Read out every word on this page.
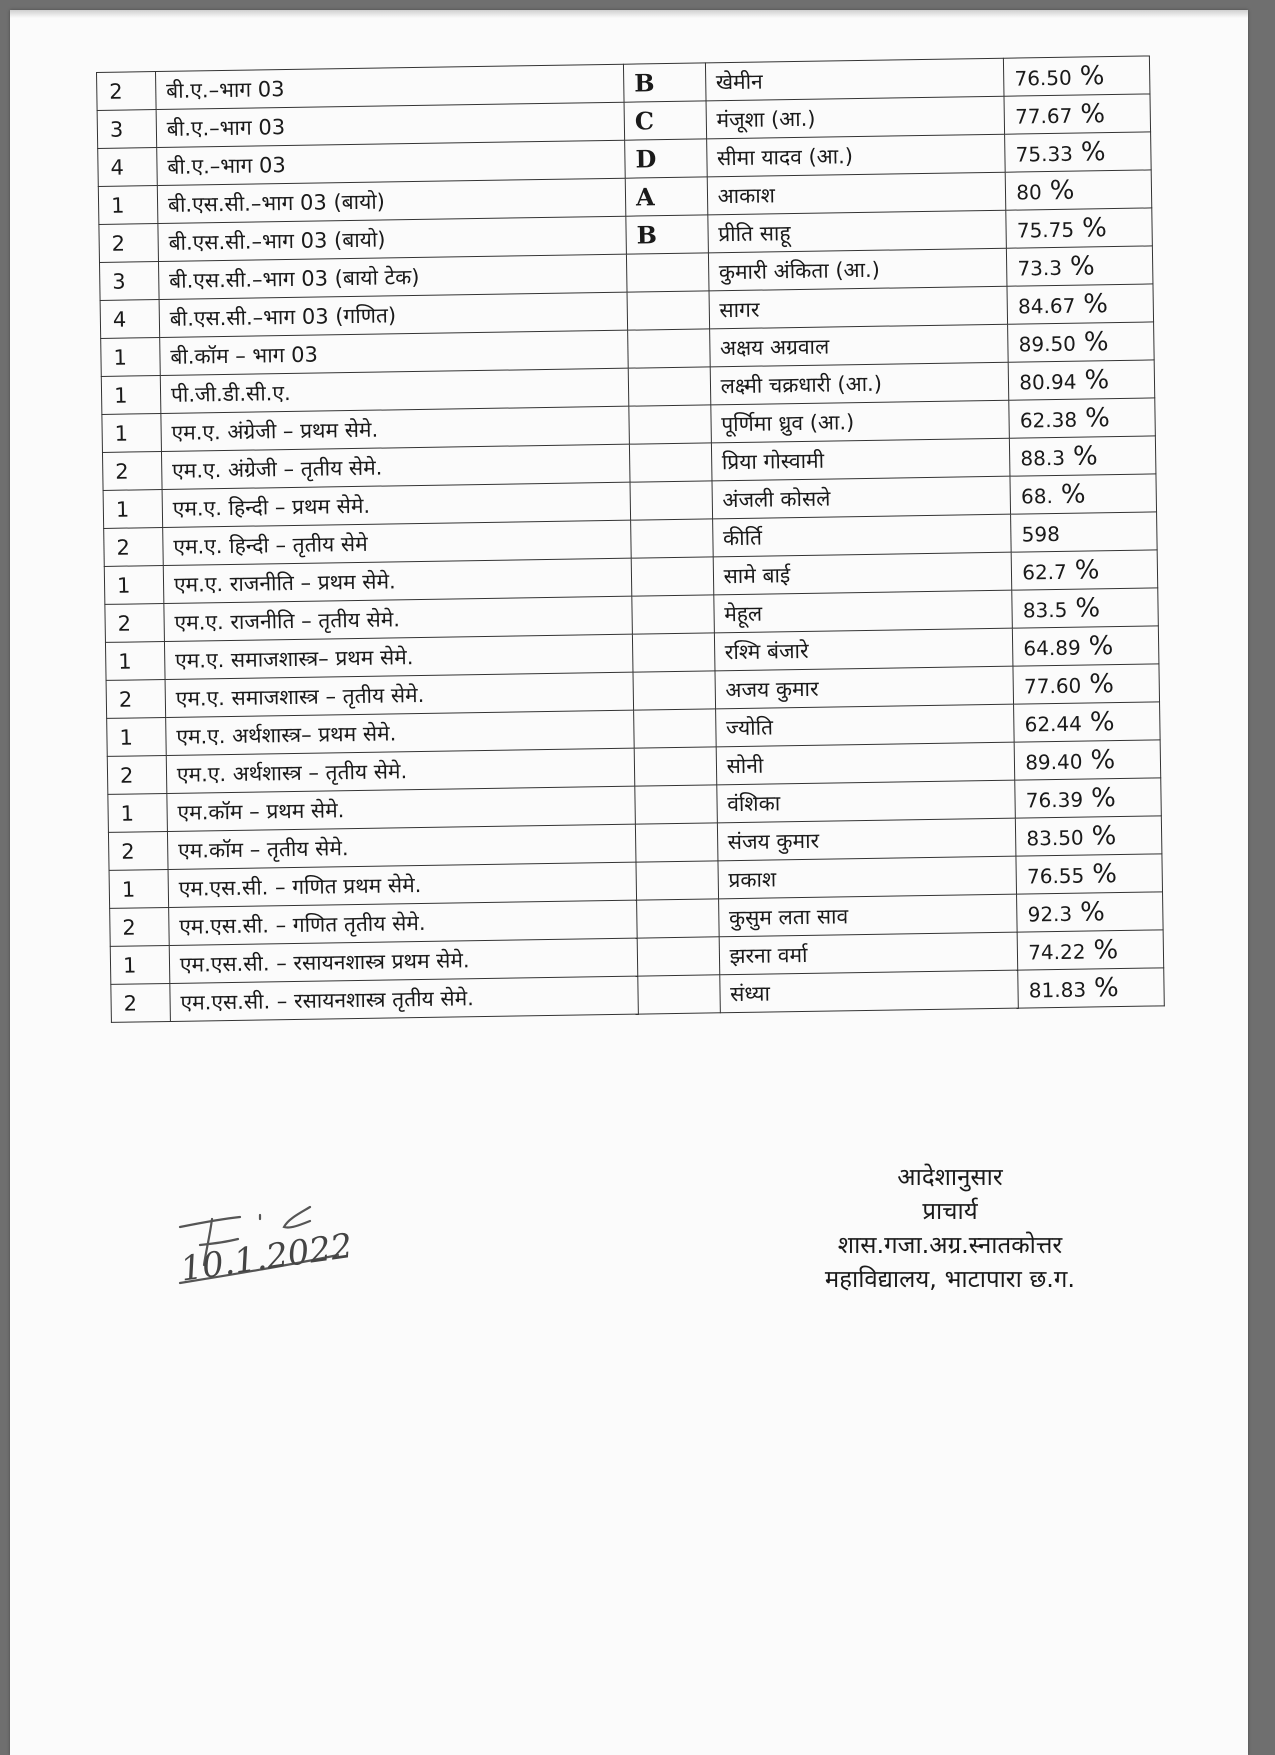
2	बी.ए.–भाग 03	B	खेमीन	76.50 %
3	बी.ए.–भाग 03	C	मंजूशा (आ.)	77.67 %
4	बी.ए.–भाग 03	D	सीमा यादव (आ.)	75.33 %
1	बी.एस.सी.–भाग 03 (बायो)	A	आकाश	80 %
2	बी.एस.सी.–भाग 03 (बायो)	B	प्रीति साहू	75.75 %
3	बी.एस.सी.–भाग 03 (बायो टेक)		कुमारी अंकिता (आ.)	73.3 %
4	बी.एस.सी.–भाग 03 (गणित)		सागर	84.67 %
1	बी.कॉम – भाग 03		अक्षय अग्रवाल	89.50 %
1	पी.जी.डी.सी.ए.		लक्ष्मी चक्रधारी (आ.)	80.94 %
1	एम.ए. अंग्रेजी – प्रथम सेमे.		पूर्णिमा ध्रुव (आ.)	62.38 %
2	एम.ए. अंग्रेजी – तृतीय सेमे.		प्रिया गोस्वामी	88.3 %
1	एम.ए. हिन्दी – प्रथम सेमे.		अंजली कोसले	68. %
2	एम.ए. हिन्दी – तृतीय सेमे		कीर्ति	598
1	एम.ए. राजनीति – प्रथम सेमे.		सामे बाई	62.7 %
2	एम.ए. राजनीति – तृतीय सेमे.		मेहूल	83.5 %
1	एम.ए. समाजशास्त्र– प्रथम सेमे.		रश्मि बंजारे	64.89 %
2	एम.ए. समाजशास्त्र – तृतीय सेमे.		अजय कुमार	77.60 %
1	एम.ए. अर्थशास्त्र– प्रथम सेमे.		ज्योति	62.44 %
2	एम.ए. अर्थशास्त्र – तृतीय सेमे.		सोनी	89.40 %
1	एम.कॉम – प्रथम सेमे.		वंशिका	76.39 %
2	एम.कॉम – तृतीय सेमे.		संजय कुमार	83.50 %
1	एम.एस.सी. – गणित प्रथम सेमे.		प्रकाश	76.55 %
2	एम.एस.सी. – गणित तृतीय सेमे.		कुसुम लता साव	92.3 %
1	एम.एस.सी. – रसायनशास्त्र प्रथम सेमे.		झरना वर्मा	74.22 %
2	एम.एस.सी. – रसायनशास्त्र तृतीय सेमे.		संध्या	81.83 %
10.1.2022
आदेशानुसार
प्राचार्य
शास.गजा.अग्र.स्नातकोत्तर
महाविद्यालय, भाटापारा छ.ग.
